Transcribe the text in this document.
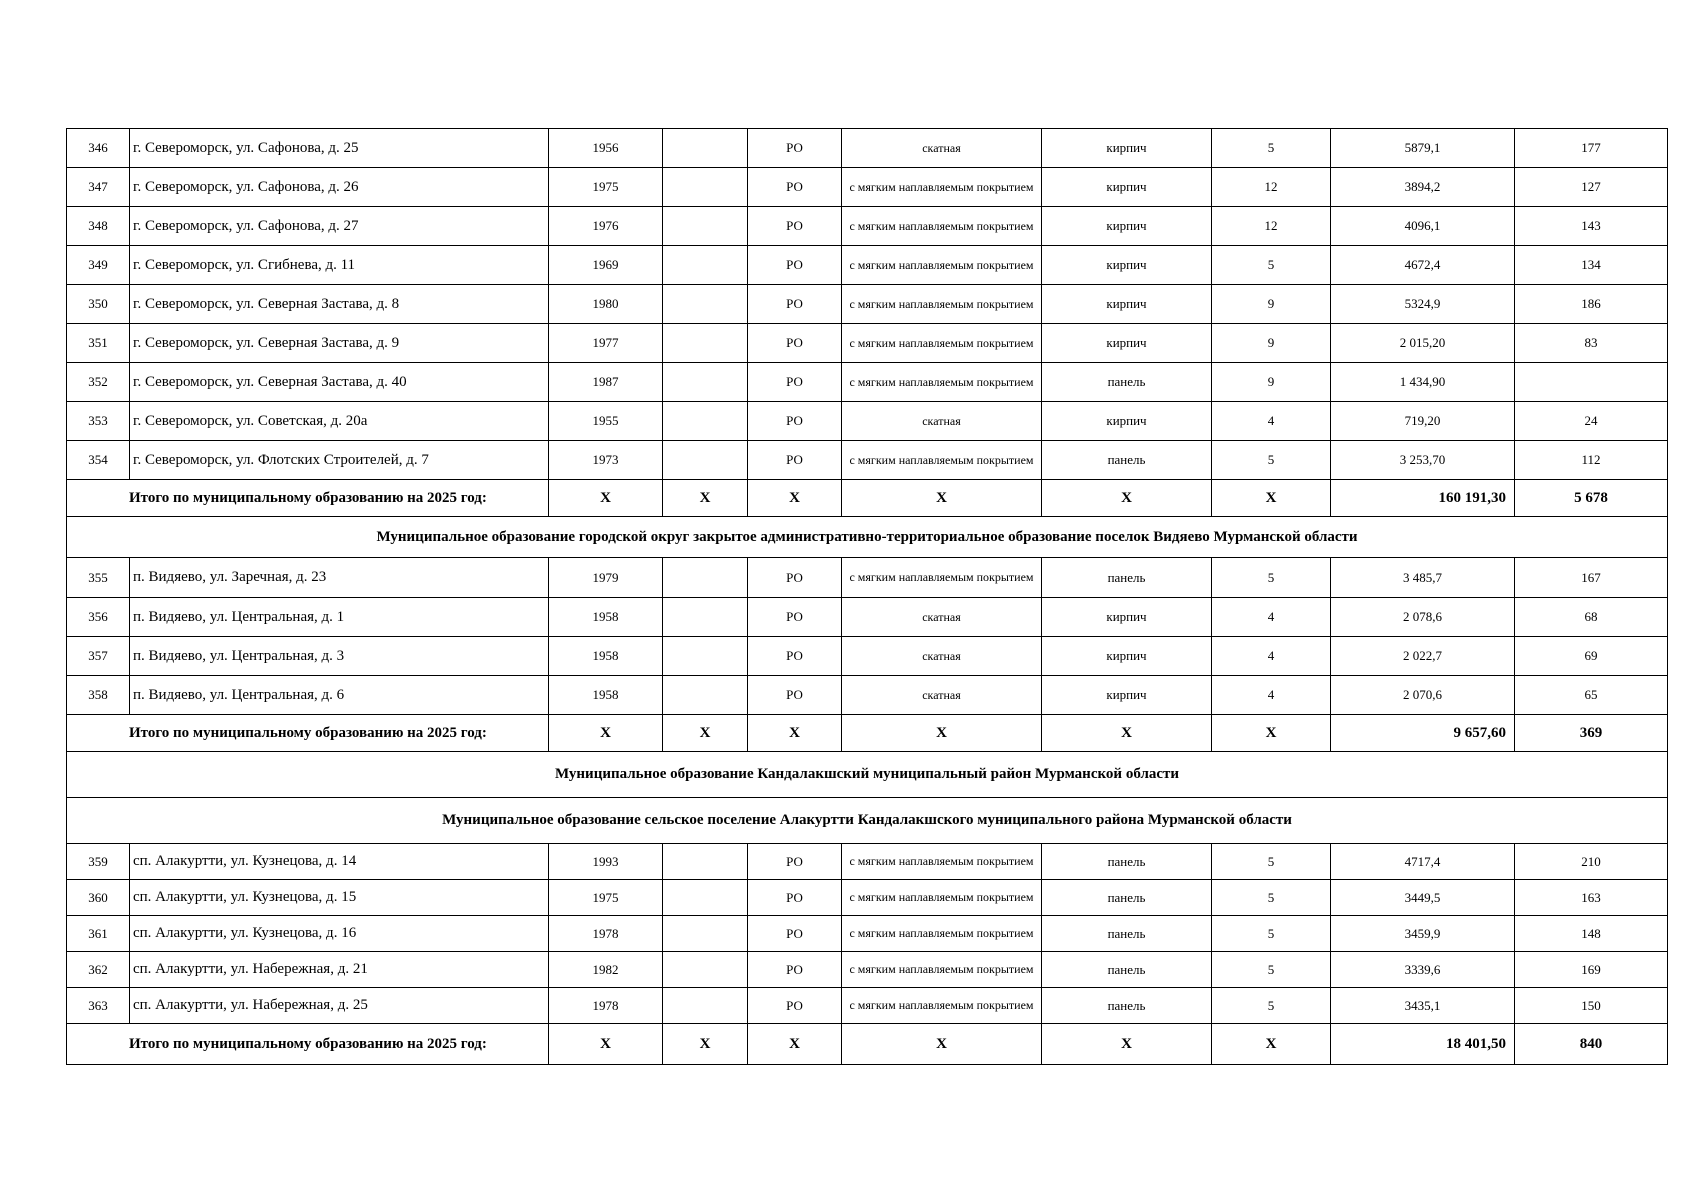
346	г. Североморск, ул. Сафонова, д. 25	1956		РО	скатная	кирпич	5	5879,1	177
347	г. Североморск, ул. Сафонова, д. 26	1975		РО	с мягким наплавляемым покрытием	кирпич	12	3894,2	127
348	г. Североморск, ул. Сафонова, д. 27	1976		РО	с мягким наплавляемым покрытием	кирпич	12	4096,1	143
349	г. Североморск, ул. Сгибнева, д. 11	1969		РО	с мягким наплавляемым покрытием	кирпич	5	4672,4	134
350	г. Североморск, ул. Северная Застава, д. 8	1980		РО	с мягким наплавляемым покрытием	кирпич	9	5324,9	186
351	г. Североморск, ул. Северная Застава, д. 9	1977		РО	с мягким наплавляемым покрытием	кирпич	9	2 015,20	83
352	г. Североморск, ул. Северная Застава, д. 40	1987		РО	с мягким наплавляемым покрытием	панель	9	1 434,90	
353	г. Североморск, ул. Советская, д. 20а	1955		РО	скатная	кирпич	4	719,20	24
354	г. Североморск, ул. Флотских Строителей, д. 7	1973		РО	с мягким наплавляемым покрытием	панель	5	3 253,70	112
Итого по муниципальному образованию на 2025 год:		Х	Х	Х	Х	Х	Х	160 191,30	5 678
Муниципальное образование городской округ закрытое административно-территориальное образование поселок Видяево Мурманской области									
355	п. Видяево, ул. Заречная, д. 23	1979		РО	с мягким наплавляемым покрытием	панель	5	3 485,7	167
356	п. Видяево, ул. Центральная, д. 1	1958		РО	скатная	кирпич	4	2 078,6	68
357	п. Видяево, ул. Центральная, д. 3	1958		РО	скатная	кирпич	4	2 022,7	69
358	п. Видяево, ул. Центральная, д. 6	1958		РО	скатная	кирпич	4	2 070,6	65
Итого по муниципальному образованию на 2025 год:		Х	Х	Х	Х	Х	Х	9 657,60	369
Муниципальное образование Кандалакшский муниципальный район Мурманской области									
Муниципальное образование сельское поселение Алакуртти Кандалакшского муниципального района Мурманской области									
359	сп. Алакуртти, ул. Кузнецова, д. 14	1993		РО	с мягким наплавляемым покрытием	панель	5	4717,4	210
360	сп. Алакуртти, ул. Кузнецова, д. 15	1975		РО	с мягким наплавляемым покрытием	панель	5	3449,5	163
361	сп. Алакуртти, ул. Кузнецова, д. 16	1978		РО	с мягким наплавляемым покрытием	панель	5	3459,9	148
362	сп. Алакуртти, ул. Набережная, д. 21	1982		РО	с мягким наплавляемым покрытием	панель	5	3339,6	169
363	сп. Алакуртти, ул. Набережная, д. 25	1978		РО	с мягким наплавляемым покрытием	панель	5	3435,1	150
Итого по муниципальному образованию на 2025 год:		Х	Х	Х	Х	Х	Х	18 401,50	840
